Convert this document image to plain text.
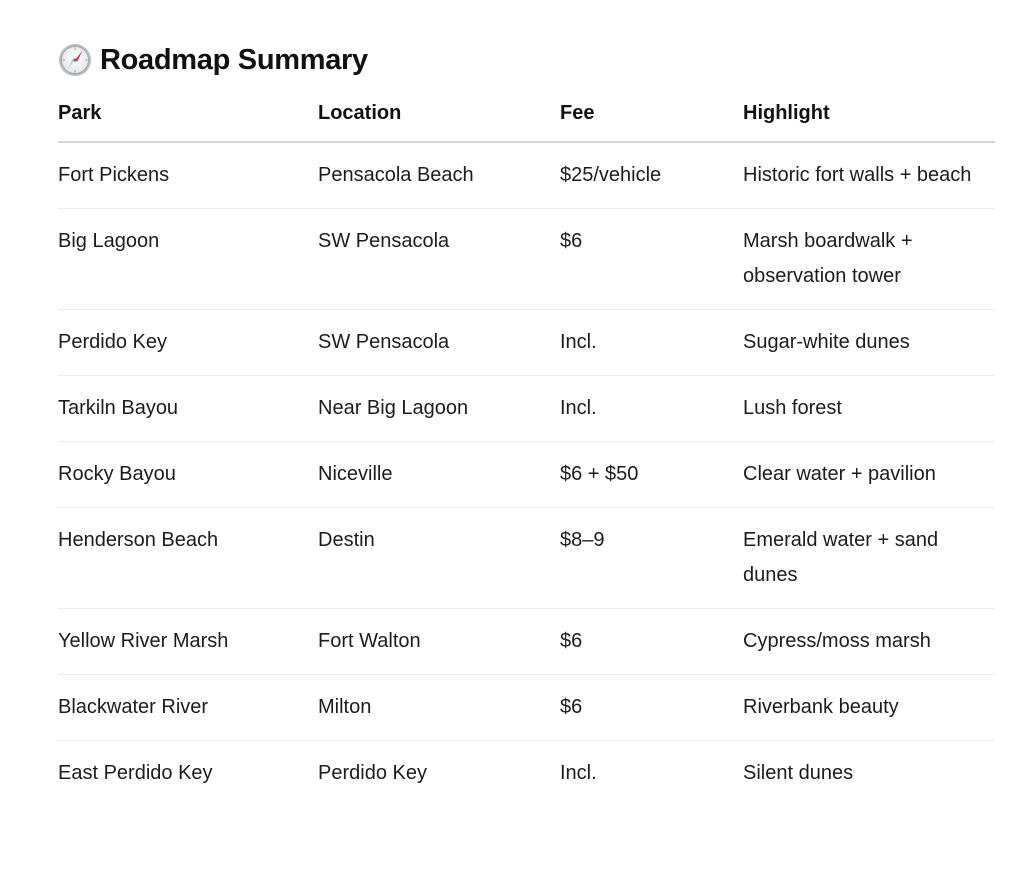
Roadmap Summary
Park	Location	Fee	Highlight
Fort Pickens	Pensacola Beach	$25/vehicle	Historic fort walls + beach
Big Lagoon	SW Pensacola	$6	Marsh boardwalk + observation tower
Perdido Key	SW Pensacola	Incl.	Sugar-white dunes
Tarkiln Bayou	Near Big Lagoon	Incl.	Lush forest
Rocky Bayou	Niceville	$6 + $50	Clear water + pavilion
Henderson Beach	Destin	$8–9	Emerald water + sand dunes
Yellow River Marsh	Fort Walton	$6	Cypress/moss marsh
Blackwater River	Milton	$6	Riverbank beauty
East Perdido Key	Perdido Key	Incl.	Silent dunes
